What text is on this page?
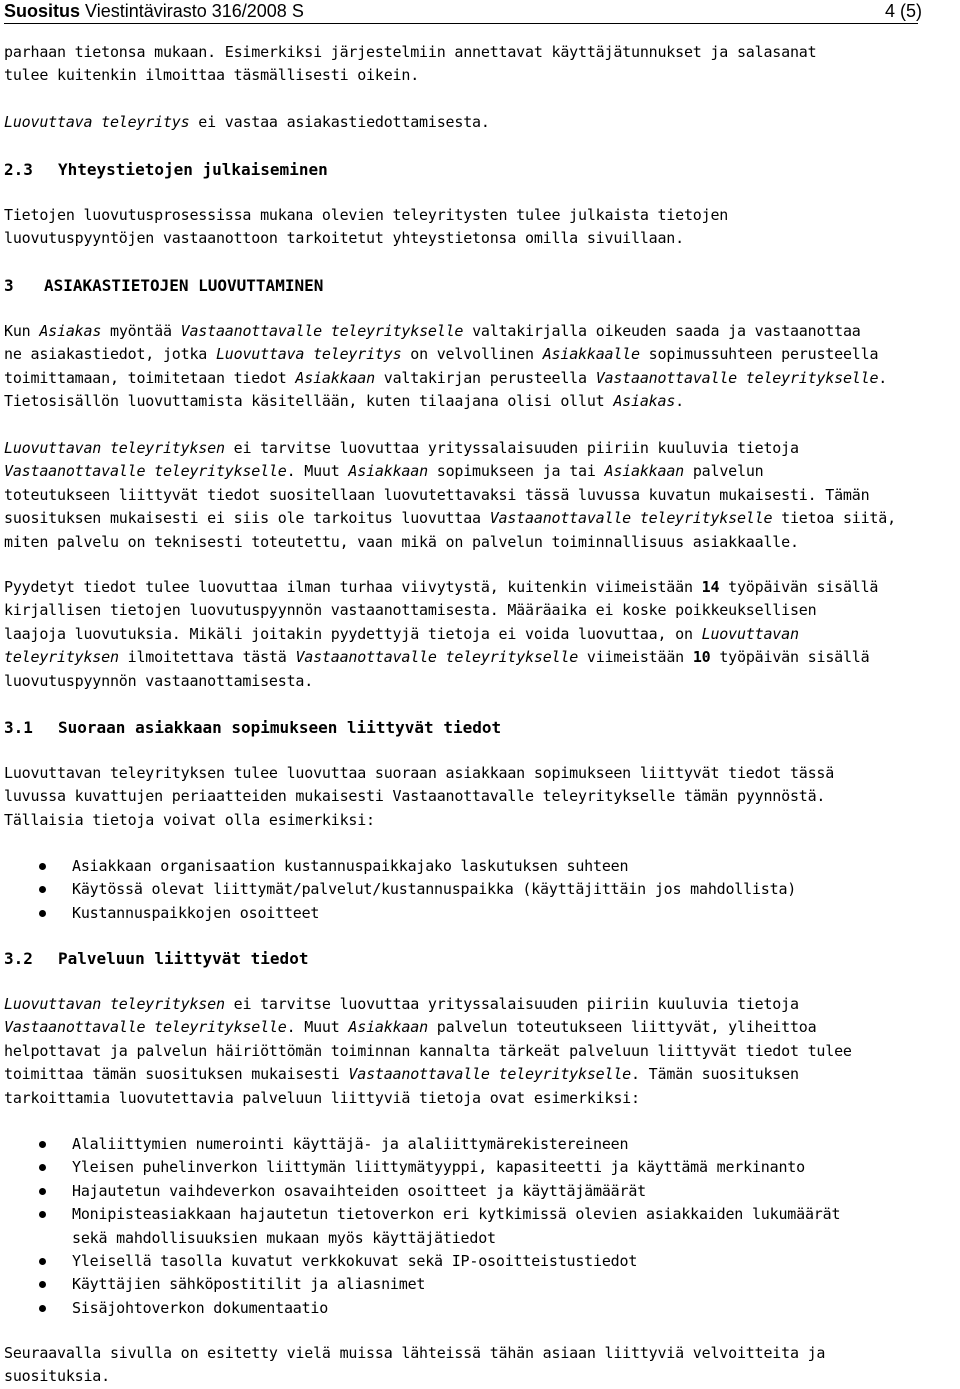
Suositus Viestintävirasto 316/2008 S	4 (5)
parhaan tietonsa mukaan. Esimerkiksi järjestelmiin annettavat käyttäjätunnukset ja salasanat
tulee kuitenkin ilmoittaa täsmällisesti oikein.
Luovuttava teleyritys ei vastaa asiakastiedottamisesta.
2.3 Yhteystietojen julkaiseminen
Tietojen luovutusprosessissa mukana olevien teleyritysten tulee julkaista tietojen
luovutuspyyntöjen vastaanottoon tarkoitetut yhteystietonsa omilla sivuillaan.
3 ASIAKASTIETOJEN LUOVUTTAMINEN
Kun Asiakas myöntää Vastaanottavalle teleyritykselle valtakirjalla oikeuden saada ja vastaanottaa
ne asiakastiedot, jotka Luovuttava teleyritys on velvollinen Asiakkaalle sopimussuhteen perusteella
toimittamaan, toimitetaan tiedot Asiakkaan valtakirjan perusteella Vastaanottavalle teleyritykselle.
Tietosisällön luovuttamista käsitellään, kuten tilaajana olisi ollut Asiakas.
Luovuttavan teleyrityksen ei tarvitse luovuttaa yrityssalaisuuden piiriin kuuluvia tietoja
Vastaanottavalle teleyritykselle. Muut Asiakkaan sopimukseen ja tai Asiakkaan palvelun
toteutukseen liittyvät tiedot suositellaan luovutettavaksi tässä luvussa kuvatun mukaisesti. Tämän
suosituksen mukaisesti ei siis ole tarkoitus luovuttaa Vastaanottavalle teleyritykselle tietoa siitä,
miten palvelu on teknisesti toteutettu, vaan mikä on palvelun toiminnallisuus asiakkaalle.
Pyydetyt tiedot tulee luovuttaa ilman turhaa viivytystä, kuitenkin viimeistään 14 työpäivän sisällä
kirjallisen tietojen luovutuspyynnön vastaanottamisesta. Määräaika ei koske poikkeuksellisen
laajoja luovutuksia. Mikäli joitakin pyydettyjä tietoja ei voida luovuttaa, on Luovuttavan
teleyrityksen ilmoitettava tästä Vastaanottavalle teleyritykselle viimeistään 10 työpäivän sisällä
luovutuspyynnön vastaanottamisesta.
3.1 Suoraan asiakkaan sopimukseen liittyvät tiedot
Luovuttavan teleyrityksen tulee luovuttaa suoraan asiakkaan sopimukseen liittyvät tiedot tässä
luvussa kuvattujen periaatteiden mukaisesti Vastaanottavalle teleyritykselle tämän pyynnöstä.
Tällaisia tietoja voivat olla esimerkiksi:
Asiakkaan organisaation kustannuspaikkajako laskutuksen suhteen
Käytössä olevat liittymät/palvelut/kustannuspaikka (käyttäjittäin jos mahdollista)
Kustannuspaikkojen osoitteet
3.2 Palveluun liittyvät tiedot
Luovuttavan teleyrityksen ei tarvitse luovuttaa yrityssalaisuuden piiriin kuuluvia tietoja
Vastaanottavalle teleyritykselle. Muut Asiakkaan palvelun toteutukseen liittyvät, yliheittoa
helpottavat ja palvelun häiriöttömän toiminnan kannalta tärkeät palveluun liittyvät tiedot tulee
toimittaa tämän suosituksen mukaisesti Vastaanottavalle teleyritykselle. Tämän suosituksen
tarkoittamia luovutettavia palveluun liittyviä tietoja ovat esimerkiksi:
Alaliittymien numerointi käyttäjä- ja alaliittymärekistereineen
Yleisen puhelinverkon liittymän liittymätyyppi, kapasiteetti ja käyttämä merkinanto
Hajautetun vaihdeverkon osavaihteiden osoitteet ja käyttäjämäärät
Monipisteasiakkaan hajautetun tietoverkon eri kytkimissä olevien asiakkaiden lukumäärät
sekä mahdollisuuksien mukaan myös käyttäjätiedot
Yleisellä tasolla kuvatut verkkokuvat sekä IP-osoitteistustiedot
Käyttäjien sähköpostitilit ja aliasnimet
Sisäjohtoverkon dokumentaatio
Seuraavalla sivulla on esitetty vielä muissa lähteissä tähän asiaan liittyviä velvoitteita ja
suosituksia.
